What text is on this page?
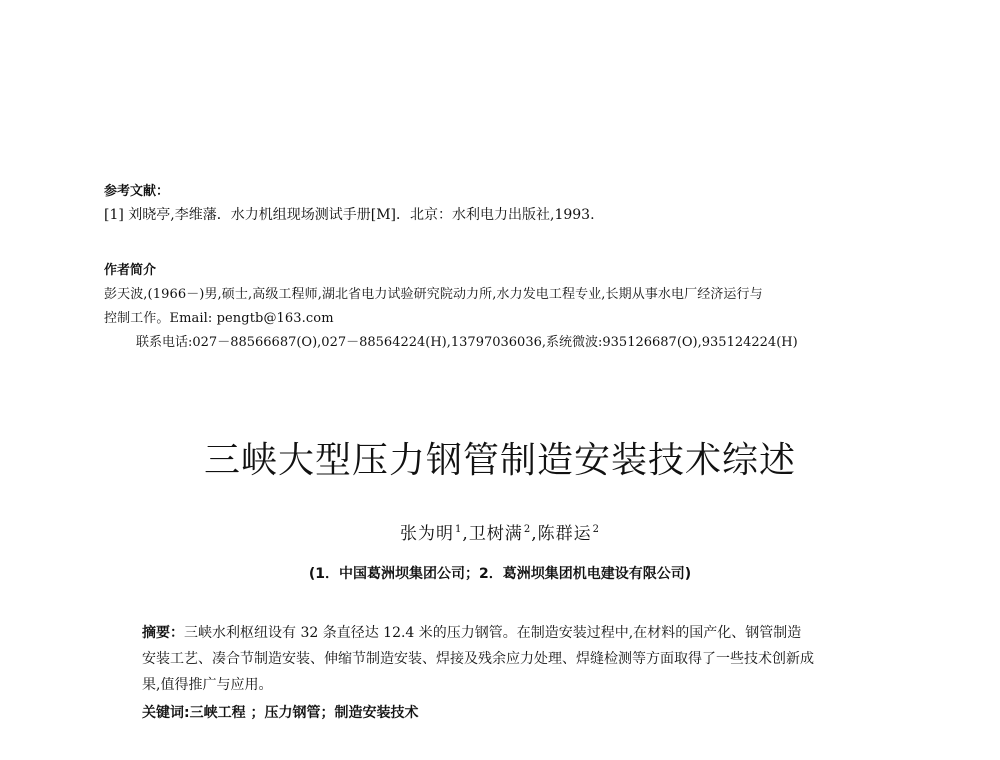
参考文献：
[1] 刘晓亭,李维藩．水力机组现场测试手册[M]．北京：水利电力出版社,1993.
作者简介
彭天波,(1966－)男,硕士,高级工程师,湖北省电力试验研究院动力所,水力发电工程专业,长期从事水电厂经济运行与
控制工作。Email: pengtb@163.com
联系电话:027－88566687(O),027－88564224(H),13797036036,系统微波:935126687(O),935124224(H)
三峡大型压力钢管制造安装技术综述
张为明$^1$,卫树满$^2$,陈群运$^2$
(1．中国葛洲坝集团公司；2．葛洲坝集团机电建设有限公司)
摘要：三峡水利枢纽设有 32 条直径达 12.4 米的压力钢管。在制造安装过程中,在材料的国产化、钢管制造
安装工艺、凑合节制造安装、伸缩节制造安装、焊接及残余应力处理、焊缝检测等方面取得了一些技术创新成
果,值得推广与应用。
关键词:三峡工程 ；压力钢管；制造安装技术
